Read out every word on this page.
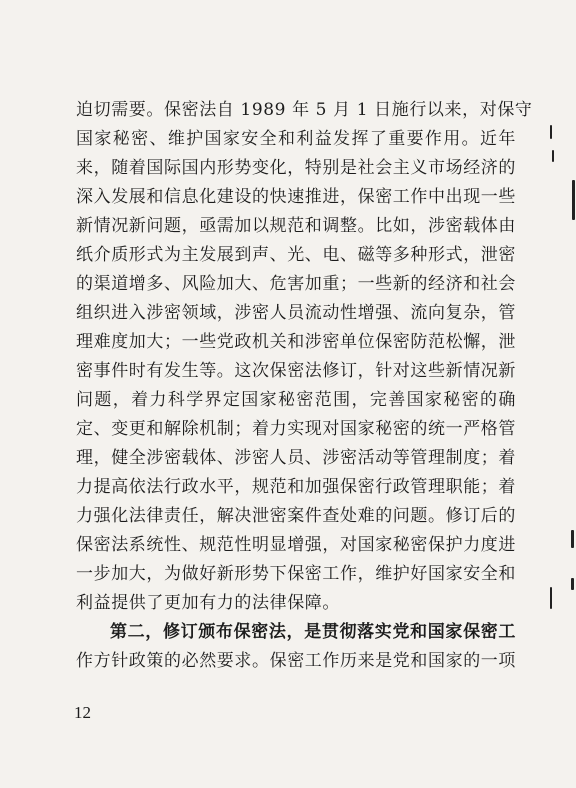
迫切需要。保密法自 1989 年 5 月 1 日施行以来，对保守
国家秘密、维护国家安全和利益发挥了重要作用。近年
来，随着国际国内形势变化，特别是社会主义市场经济的
深入发展和信息化建设的快速推进，保密工作中出现一些
新情况新问题，亟需加以规范和调整。比如，涉密载体由
纸介质形式为主发展到声、光、电、磁等多种形式，泄密
的渠道增多、风险加大、危害加重；一些新的经济和社会
组织进入涉密领域，涉密人员流动性增强、流向复杂，管
理难度加大；一些党政机关和涉密单位保密防范松懈，泄
密事件时有发生等。这次保密法修订，针对这些新情况新
问题，着力科学界定国家秘密范围，完善国家秘密的确
定、变更和解除机制；着力实现对国家秘密的统一严格管
理，健全涉密载体、涉密人员、涉密活动等管理制度；着
力提高依法行政水平，规范和加强保密行政管理职能；着
力强化法律责任，解决泄密案件查处难的问题。修订后的
保密法系统性、规范性明显增强，对国家秘密保护力度进
一步加大，为做好新形势下保密工作，维护好国家安全和
利益提供了更加有力的法律保障。
第二，修订颁布保密法，是贯彻落实党和国家保密工
作方针政策的必然要求。保密工作历来是党和国家的一项
12
